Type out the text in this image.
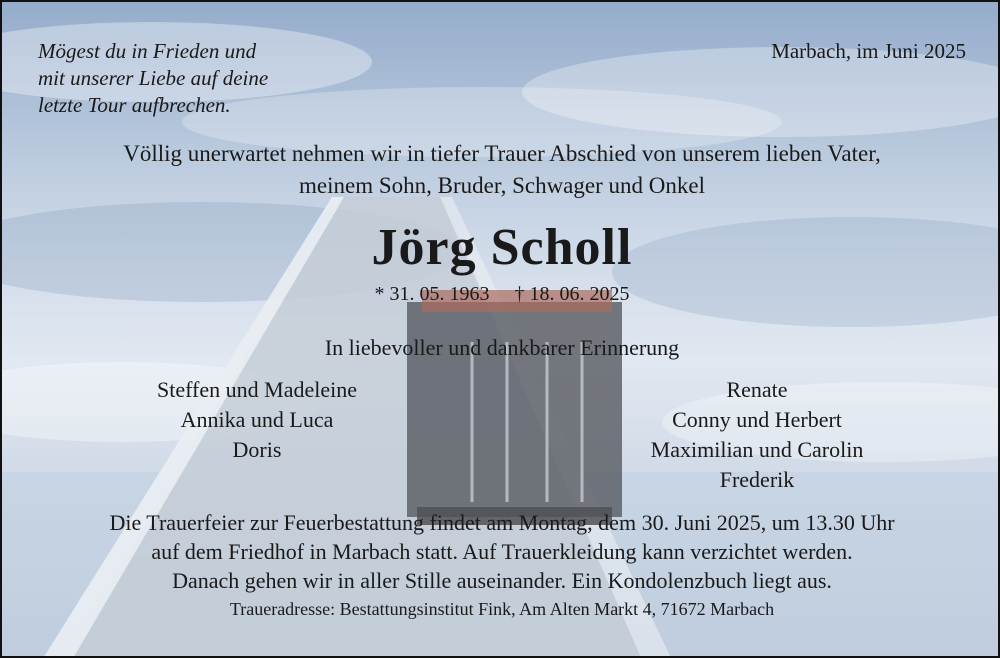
Mögest du in Frieden und
mit unserer Liebe auf deine
letzte Tour aufbrechen.
Marbach, im Juni 2025
Völlig unerwartet nehmen wir in tiefer Trauer Abschied von unserem lieben Vater,
meinem Sohn, Bruder, Schwager und Onkel
Jörg Scholl
* 31. 05. 1963 † 18. 06. 2025
In liebevoller und dankbarer Erinnerung
Steffen und Madeleine
Annika und Luca
Doris
Renate
Conny und Herbert
Maximilian und Carolin
Frederik
Die Trauerfeier zur Feuerbestattung findet am Montag, dem 30. Juni 2025, um 13.30 Uhr
auf dem Friedhof in Marbach statt. Auf Trauerkleidung kann verzichtet werden.
Danach gehen wir in aller Stille auseinander. Ein Kondolenzbuch liegt aus.
Traueradresse: Bestattungsinstitut Fink, Am Alten Markt 4, 71672 Marbach
